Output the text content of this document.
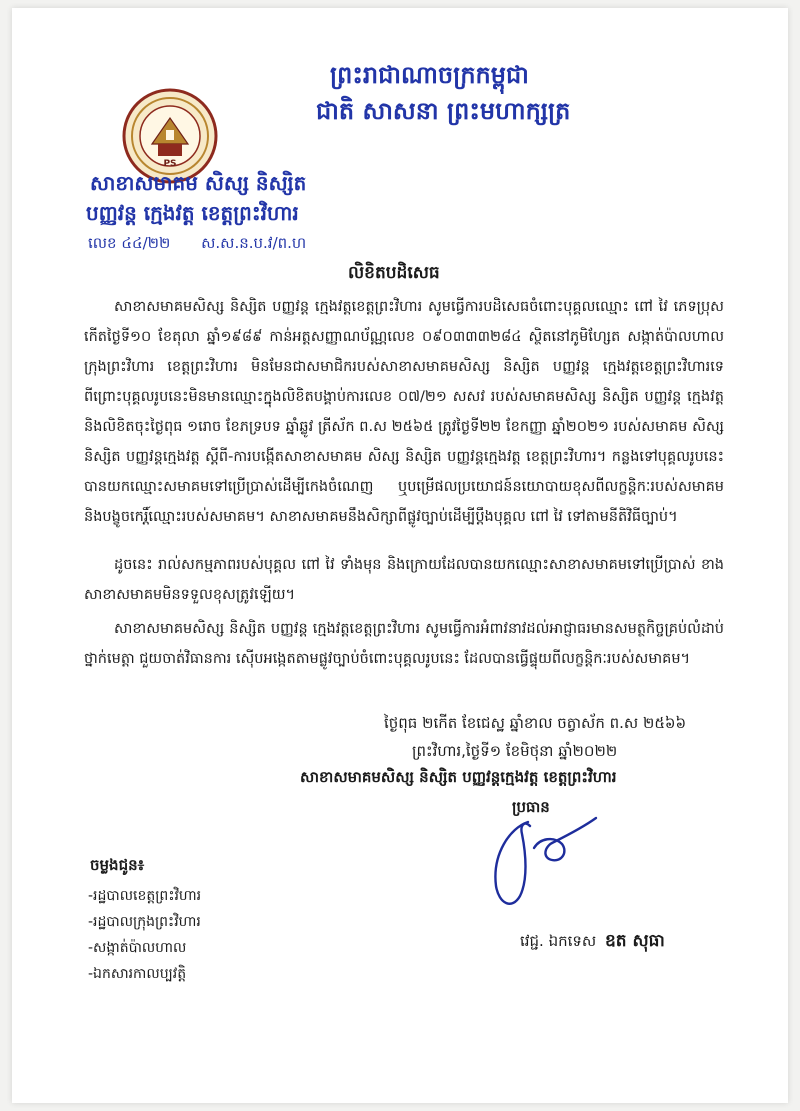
ព្រះរាជាណាចក្រកម្ពុជា
ជាតិ សាសនា ព្រះមហាក្សត្រ
PS
សាខាសមាគម សិស្ស និស្សិត
បញ្ញវន្ត ក្មេងវត្ត ខេត្តព្រះវិហារ
លេខ ៤៤/២២ ស.ស.ន.ប.វ/ព.ហ
លិខិតបដិសេធ
សាខាសមាគមសិស្ស និស្សិត បញ្ញវន្ត ក្មេងវត្តខេត្តព្រះវិហារ សូមធ្វើការបដិសេធចំពោះបុគ្គលឈ្មោះ ពៅ វៃ ភេទប្រុស កើតថ្ងៃទី១០ ខែតុលា ឆ្នាំ១៩៨៩ កាន់អត្តសញ្ញាណប័ណ្ណលេខ ០៩០៣៣៣២៨៤ ស្ថិតនៅភូមិហ្សែត សង្កាត់ប៉ាលហាល ក្រុងព្រះវិហារ ខេត្តព្រះវិហារ មិនមែនជាសមាជិករបស់សាខាសមាគមសិស្ស និស្សិត បញ្ញវន្ត ក្មេងវត្តខេត្តព្រះវិហារទេ ពីព្រោះបុគ្គលរូបនេះមិនមានឈ្មោះក្នុងលិខិតបង្គាប់ការលេខ ០៧/២១ សសវ របស់សមាគមសិស្ស និស្សិត បញ្ញវន្ត ក្មេងវត្ត និងលិខិតចុះថ្ងៃពុធ ១រោច ខែភទ្របទ ឆ្នាំឆ្លូវ ត្រីស័ក ព.ស ២៥៦៥ ត្រូវថ្ងៃទី២២ ខែកញ្ញា ឆ្នាំ២០២១ របស់សមាគម សិស្ស និស្សិត បញ្ញវន្តក្មេងវត្ត ស្តីពី-ការបង្កើតសាខាសមាគម សិស្ស និស្សិត បញ្ញវន្តក្មេងវត្ត ខេត្តព្រះវិហារ។ កន្លងទៅបុគ្គលរូបនេះ បានយកឈ្មោះសមាគមទៅប្រើប្រាស់ដើម្បីកេងចំណេញ ឬបម្រើផលប្រយោជន៍នយោបាយខុសពីលក្ខន្តិកៈរបស់សមាគម និងបង្ខូចកេរ្តិ៍ឈ្មោះរបស់សមាគម។ សាខាសមាគមនឹងសិក្សាពីផ្លូវច្បាប់ដើម្បីប្តឹងបុគ្គល ពៅ វៃ ទៅតាមនីតិវិធីច្បាប់។
ដូចនេះ រាល់សកម្មភាពរបស់បុគ្គល ពៅ វៃ ទាំងមុន និងក្រោយដែលបានយកឈ្មោះសាខាសមាគមទៅប្រើប្រាស់ ខាងសាខាសមាគមមិនទទួលខុសត្រូវឡើយ។
សាខាសមាគមសិស្ស និស្សិត បញ្ញវន្ត ក្មេងវត្តខេត្តព្រះវិហារ សូមធ្វើការអំពាវនាវដល់អាជ្ញាធរមានសមត្ថកិច្ចគ្រប់លំដាប់ថ្នាក់មេត្តា ជួយចាត់វិធានការ ស៊ើបអង្កេតតាមផ្លូវច្បាប់ចំពោះបុគ្គលរូបនេះ ដែលបានធ្វើផ្ទុយពីលក្ខន្តិកៈរបស់សមាគម។
ថ្ងៃពុធ ២កើត ខែជេស្ឋ ឆ្នាំខាល ចត្វាស័ក ព.ស ២៥៦៦
ព្រះវិហារ,ថ្ងៃទី១ ខែមិថុនា ឆ្នាំ២០២២
សាខាសមាគមសិស្ស និស្សិត បញ្ញវន្តក្មេងវត្ត ខេត្តព្រះវិហារ
ប្រធាន
វេជ្ជ. ឯកទេស ឧត សុធា
ចម្លងជូន៖
-រដ្ឋបាលខេត្តព្រះវិហារ
-រដ្ឋបាលក្រុងព្រះវិហារ
-សង្កាត់ប៉ាលហាល
-ឯកសារកាលប្បវត្តិ
